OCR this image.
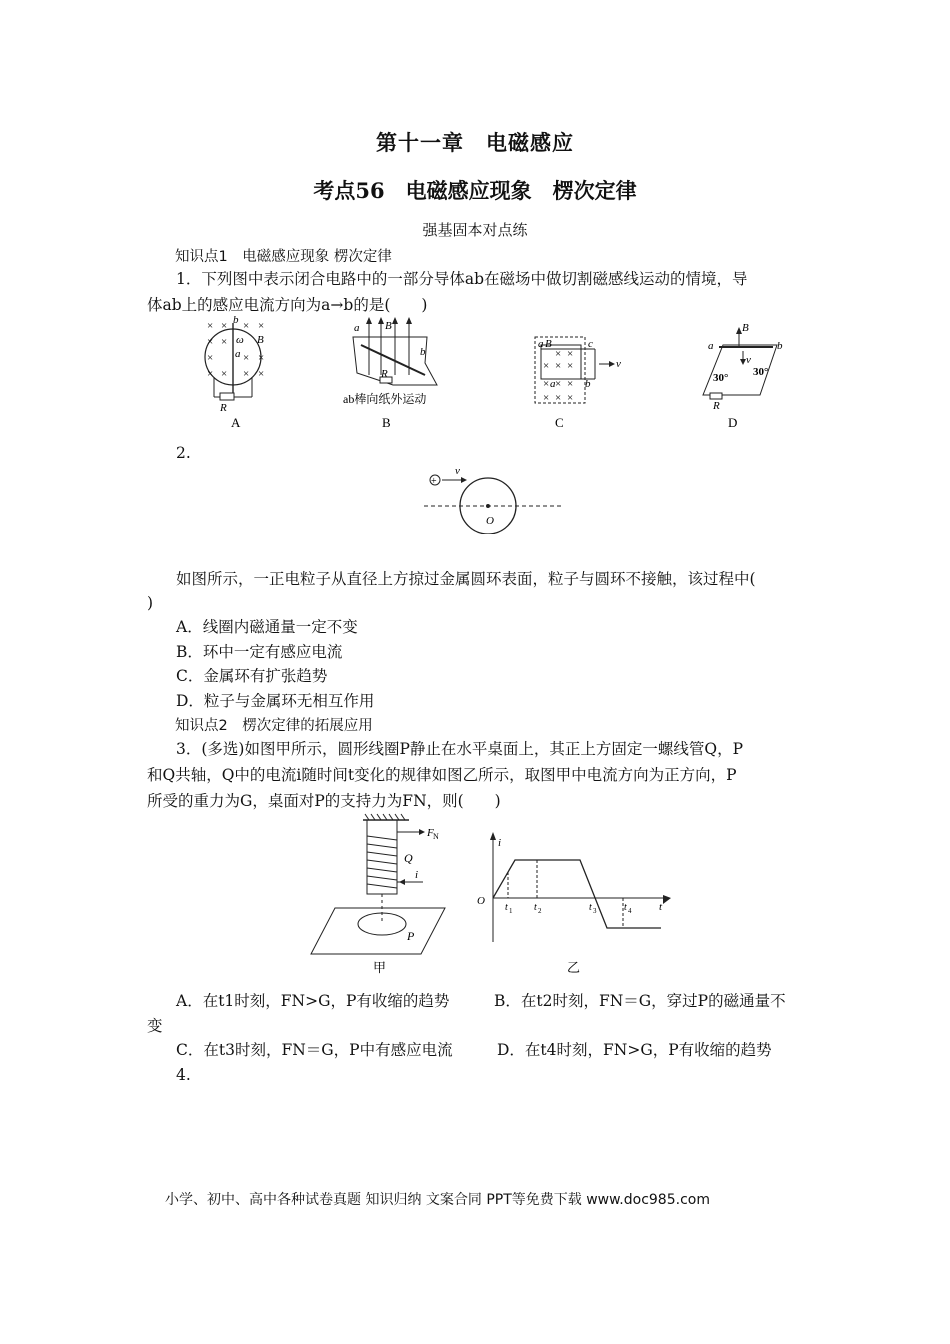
第十一章　电磁感应
考点56　电磁感应现象　楞次定律
强基固本对点练
知识点1　电磁感应现象 楞次定律
1．下列图中表示闭合电路中的一部分导体ab在磁场中做切割磁感线运动的情境，导
体ab上的感应电流方向为a→b的是(　　)
×
×
×
×
× × ×
×
×
× ×
×
×
b
ω
a
B
R
A
a B
b
R
ab棒向纸外运动
B
a B
× ×
× × ×
× × ×
× × ×
a
c
v
b
C
a
B
b
v
30° 30°
R
D
2.
O
+
v
如图所示，一正电粒子从直径上方掠过金属圆环表面，粒子与圆环不接触，该过程中(
)
A．线圈内磁通量一定不变
B．环中一定有感应电流
C．金属环有扩张趋势
D．粒子与金属环无相互作用
知识点2　楞次定律的拓展应用
3．(多选)如图甲所示，圆形线圈P静止在水平桌面上，其正上方固定一螺线管Q，P
和Q共轴，Q中的电流i随时间t变化的规律如图乙所示，取图甲中电流方向为正方向，P
所受的重力为G，桌面对P的支持力为FN，则(　　)
F N
i
Q
P
甲
i
O	t
t 1 t 2	t 3	t 4
乙
A．在t1时刻，FN>G，P有收缩的趋势	B．在t2时刻，FN＝G，穿过P的磁通量不
变
C．在t3时刻，FN＝G，P中有感应电流	D．在t4时刻，FN>G，P有收缩的趋势
4.
小学、初中、高中各种试卷真题 知识归纳 文案合同 PPT等免费下载 www.doc985.com
